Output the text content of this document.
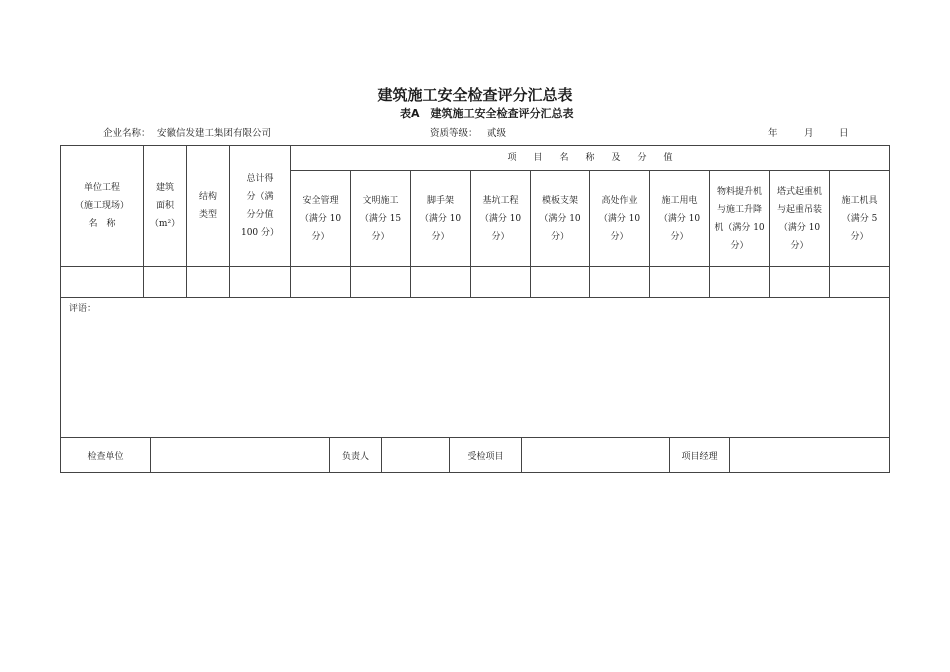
建筑施工安全检查评分汇总表
表A　建筑施工安全检查评分汇总表
企业名称： 安徽信发建工集团有限公司	资质等级： 贰级	年	月	日
单位工程
（施工现场）
名　称	建筑
面积
（m²）	结构
类型	总计得
分（满
分分值
100 分）	项目名称及分值									

				安全管理
（满分 10
分）	文明施工
（满分 15
分）	脚手架
（满分 10
分）	基坑工程
（满分 10
分）	模板支架
（满分 10
分）	高处作业
（满分 10
分）	施工用电
（满分 10
分）	物料提升机
与施工升降
机（满分 10
分）	塔式起重机
与起重吊装
（满分 10
分）	施工机具
（满分 5
分）

评语：													
检查单位		负责人		受检项目		项目经理	
